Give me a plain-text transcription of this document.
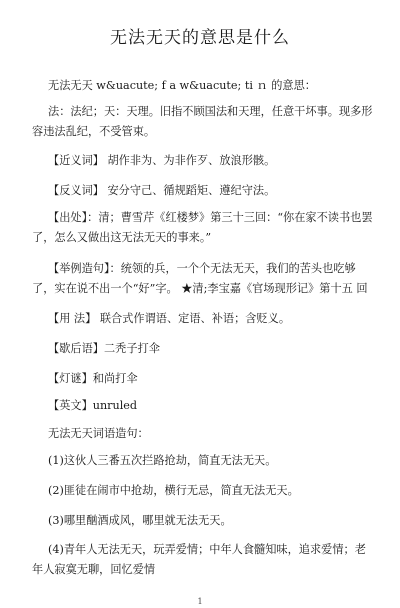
无法无天的意思是什么
无法无天 w&uacute; f a w&uacute; ti ｎ 的意思：
法：法纪；天：天理。旧指不顾国法和天理，任意干坏事。现多形容违法乱纪，不受管束。
【近义词】 胡作非为、为非作歹、放浪形骸。
【反义词】 安分守己、循规蹈矩、遵纪守法。
【出处】：清；曹雪芹《红楼梦》第三十三回：“你在家不读书也罢了，怎么又做出这无法无天的事来。”
【举例造句】：统领的兵，一个个无法无天，我们的苦头也吃够了，实在说不出一个“好”字。 ★清;李宝嘉《官场现形记》第十五 回
【用 法】 联合式作谓语、定语、补语；含贬义。
【歇后语】二秃子打伞
【灯谜】和尚打伞
【英文】unruled
无法无天词语造句：
(1)这伙人三番五次拦路抢劫，简直无法无天。
(2)匪徒在闹市中抢劫，横行无忌，简直无法无天。
(3)哪里酗酒成风，哪里就无法无天。
(4)青年人无法无天，玩弄爱情；中年人食髓知味，追求爱情；老年人寂寞无聊，回忆爱情
1
